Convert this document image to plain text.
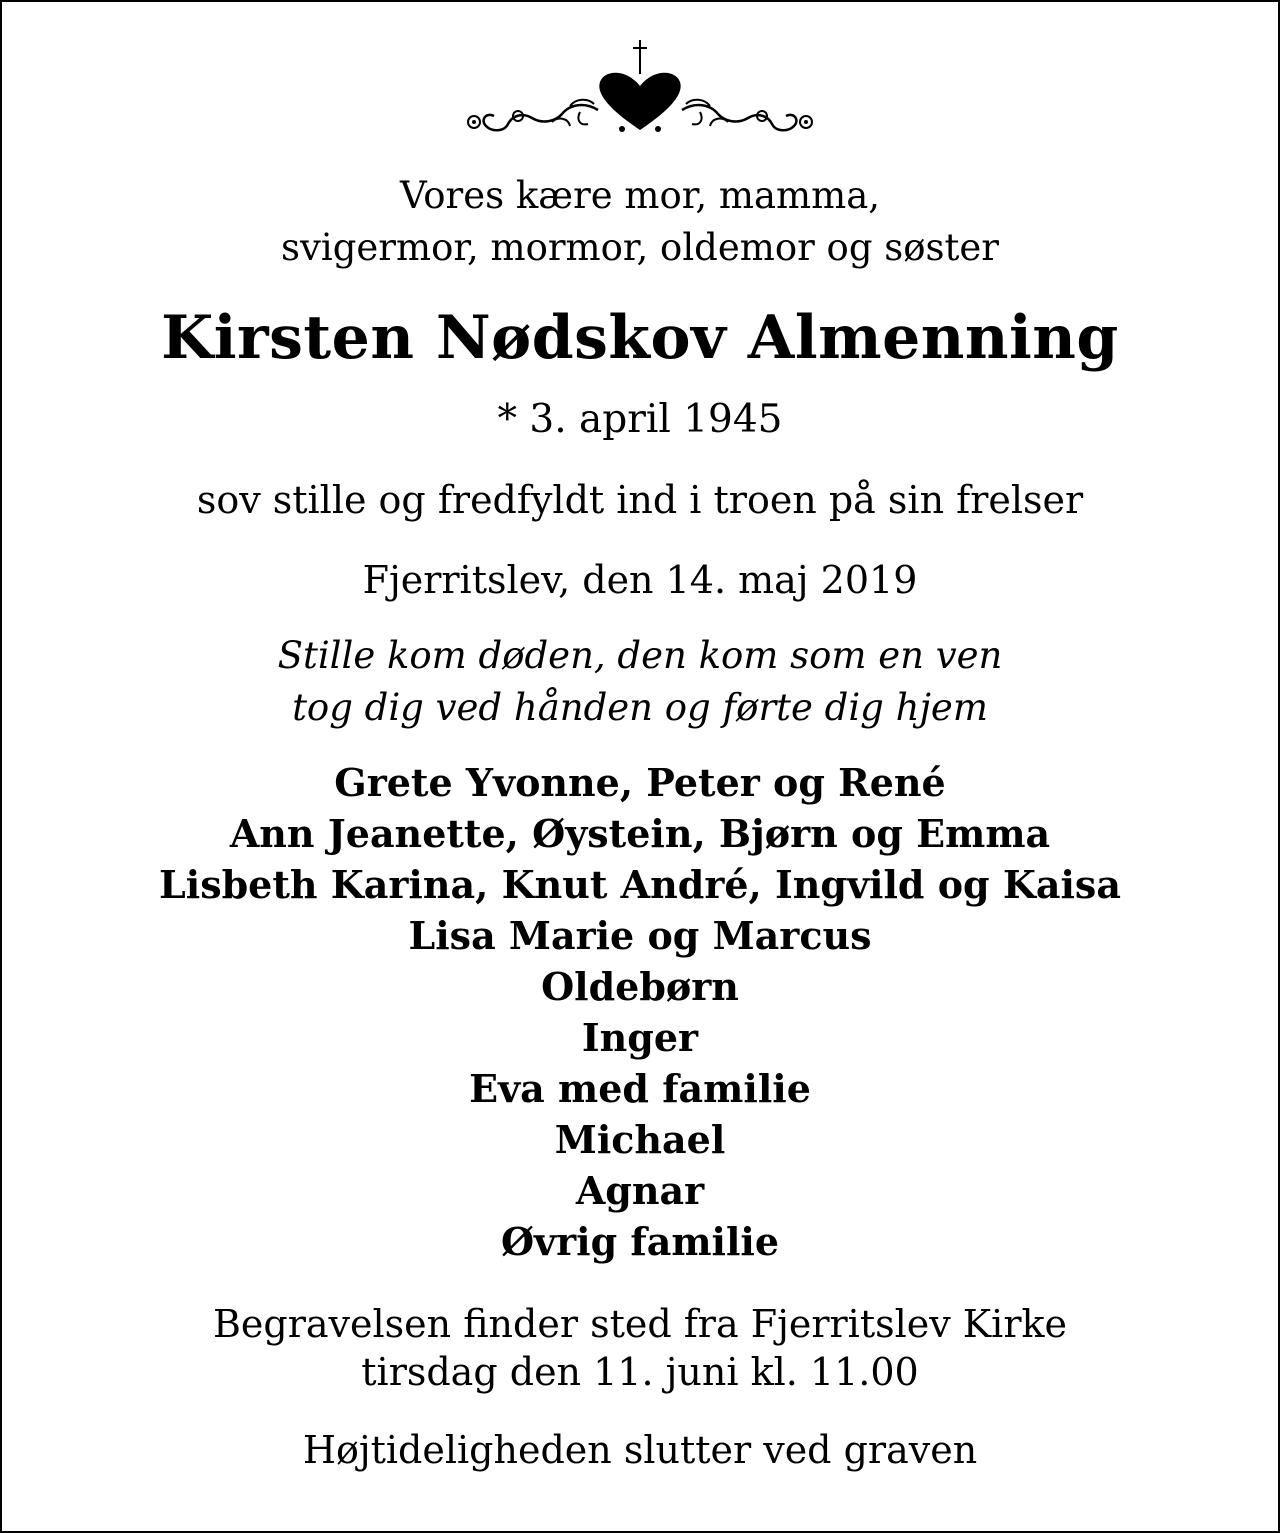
Vores kære mor, mamma,
svigermor, mormor, oldemor og søster
Kirsten Nødskov Almenning
* 3. april 1945
sov stille og fredfyldt ind i troen på sin frelser
Fjerritslev, den 14. maj 2019
Stille kom døden, den kom som en ven
tog dig ved hånden og førte dig hjem
Grete Yvonne, Peter og René
Ann Jeanette, Øystein, Bjørn og Emma
Lisbeth Karina, Knut André, Ingvild og Kaisa
Lisa Marie og Marcus
Oldebørn
Inger
Eva med familie
Michael
Agnar
Øvrig familie
Begravelsen finder sted fra Fjerritslev Kirke
tirsdag den 11. juni kl. 11.00
Højtideligheden slutter ved graven
